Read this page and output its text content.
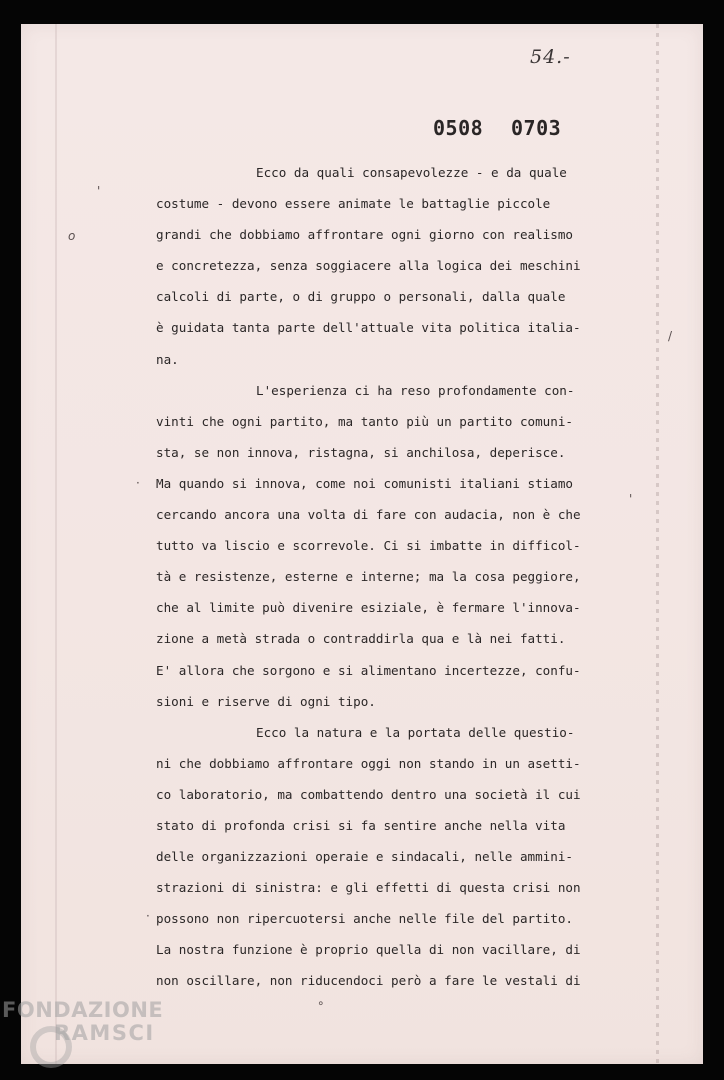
54.-
0508 0703
Ecco da quali consapevolezze - e da quale
costume - devono essere animate le battaglie piccole
grandi che dobbiamo affrontare ogni giorno con realismo
e concretezza, senza soggiacere alla logica dei meschini
calcoli di parte, o di gruppo o personali, dalla quale
è guidata tanta parte dell'attuale vita politica italia-
na.
L'esperienza ci ha reso profondamente con-
vinti che ogni partito, ma tanto più un partito comuni-
sta, se non innova, ristagna, si anchilosa, deperisce.
Ma quando si innova, come noi comunisti italiani stiamo
cercando ancora una volta di fare con audacia, non è che
tutto va liscio e scorrevole. Ci si imbatte in difficol-
tà e resistenze, esterne e interne; ma la cosa peggiore,
che al limite può divenire esiziale, è fermare l'innova-
zione a metà strada o contraddirla qua e là nei fatti.
E' allora che sorgono e si alimentano incertezze, confu-
sioni e riserve di ogni tipo.
Ecco la natura e la portata delle questio-
ni che dobbiamo affrontare oggi non stando in un asetti-
co laboratorio, ma combattendo dentro una società il cui
stato di profonda crisi si fa sentire anche nella vita
delle organizzazioni operaie e sindacali, nelle ammini-
strazioni di sinistra: e gli effetti di questa crisi non
possono non ripercuotersi anche nelle file del partito.
La nostra funzione è proprio quella di non vacillare, di
non oscillare, non riducendoci però a fare le vestali di
'
o
·
'
/
·
∘
FONDAZIONE
RAMSCI
